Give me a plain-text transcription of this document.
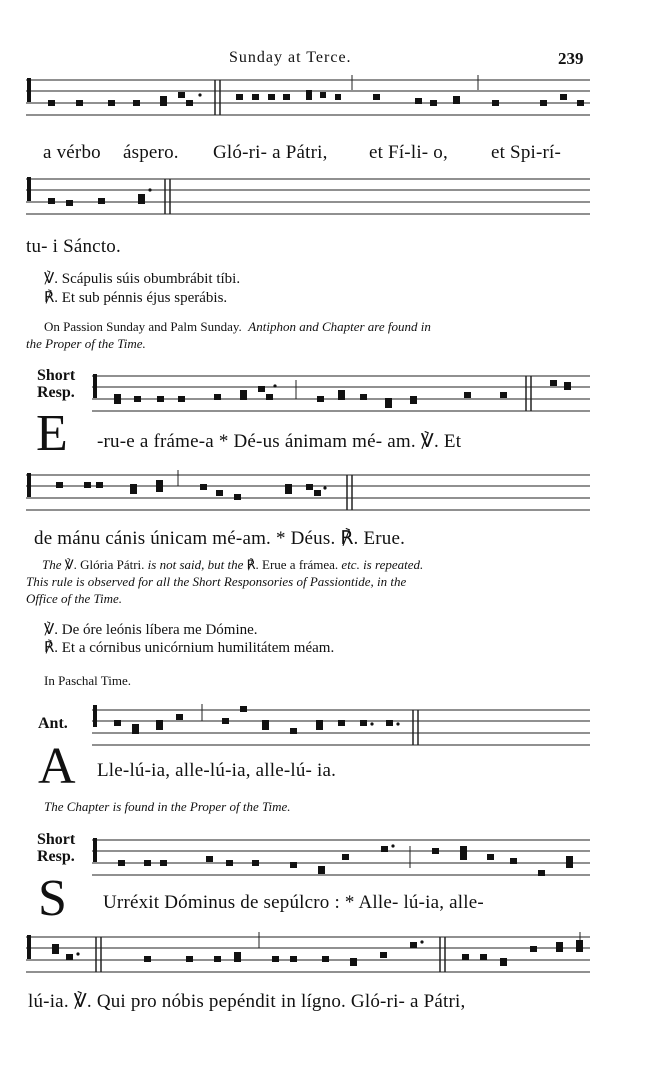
Sunday at Terce.	239
a vérbo áspero. Gló-ri- a Pátri, et Fí-li- o, et Spi-rí-
tu- i Sáncto.
℣. Scápulis súis obumbrábit tíbi.
℟. Et sub pénnis éjus sperábis.
On Passion Sunday and Palm Sunday. Antiphon and Chapter are found in
the Proper of the Time.
Short
Resp.
E -ru-e a fráme-a * Dé-us ánimam mé- am. ℣. Et
de mánu cánis únicam mé-am. * Déus. ℟. Erue.
The ℣. Glória Pátri. is not said, but the ℟. Erue a frámea. etc. is repeated.
This rule is observed for all the Short Responsories of Passiontide, in the
Office of the Time.
℣. De óre leónis líbera me Dómine.
℟. Et a córnibus unicórnium humilitátem méam.
In Paschal Time.
Ant.
A Lle-lú-ia, alle-lú-ia, alle-lú- ia.
The Chapter is found in the Proper of the Time.
Short
Resp.
S Urréxit Dóminus de sepúlcro : * Alle- lú-ia, alle-
lú-ia. ℣. Qui pro nóbis pepéndit in lígno. Gló-ri- a Pátri,
